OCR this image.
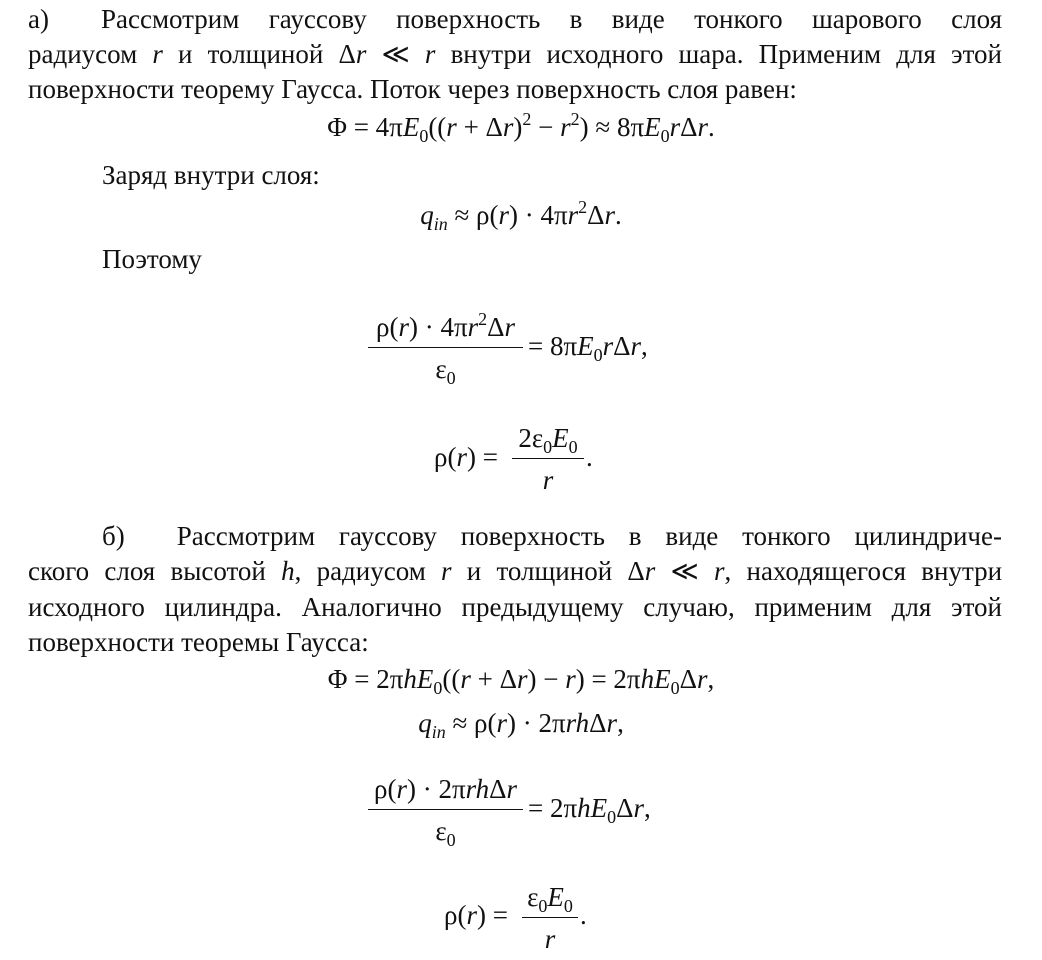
а) Рассмотрим гауссову поверхность в виде тонкого шарового слоя
радиусом r и толщиной Δr ≪ r внутри исходного шара. Применим для этой
поверхности теорему Гаусса. Поток через поверхность слоя равен:
$\Phi = 4\pi E_0((r + \Delta r)^2 - r^2) \approx 8\pi E_0r\Delta r$.
Заряд внутри слоя:
$q_{in} \approx \rho(r) \cdot 4\pi r^2\Delta r$.
Поэтому
$\rho(r) \cdot 4\pi r^2\Delta r$
$\varepsilon_0$
= $8\pi E_0r\Delta r$,
ρ(r) =
$2\varepsilon_0E_0$
r
.
б) Рассмотрим гауссову поверхность в виде тонкого цилиндриче-
ского слоя высотой h, радиусом r и толщиной Δr ≪ r, находящегося внутри
исходного цилиндра. Аналогично предыдущему случаю, применим для этой
поверхности теоремы Гаусса:
Φ = 2πhE$_0$((r + Δr) − r) = 2πhE$_0$Δr,
$q_{in} \approx \rho(r) \cdot 2\pi rh\Delta r$,
ρ(r) · 2πrhΔr
$\varepsilon_0$
= 2πhE$_0$Δr,
ρ(r) =
$\varepsilon_0E_0$
r
.
